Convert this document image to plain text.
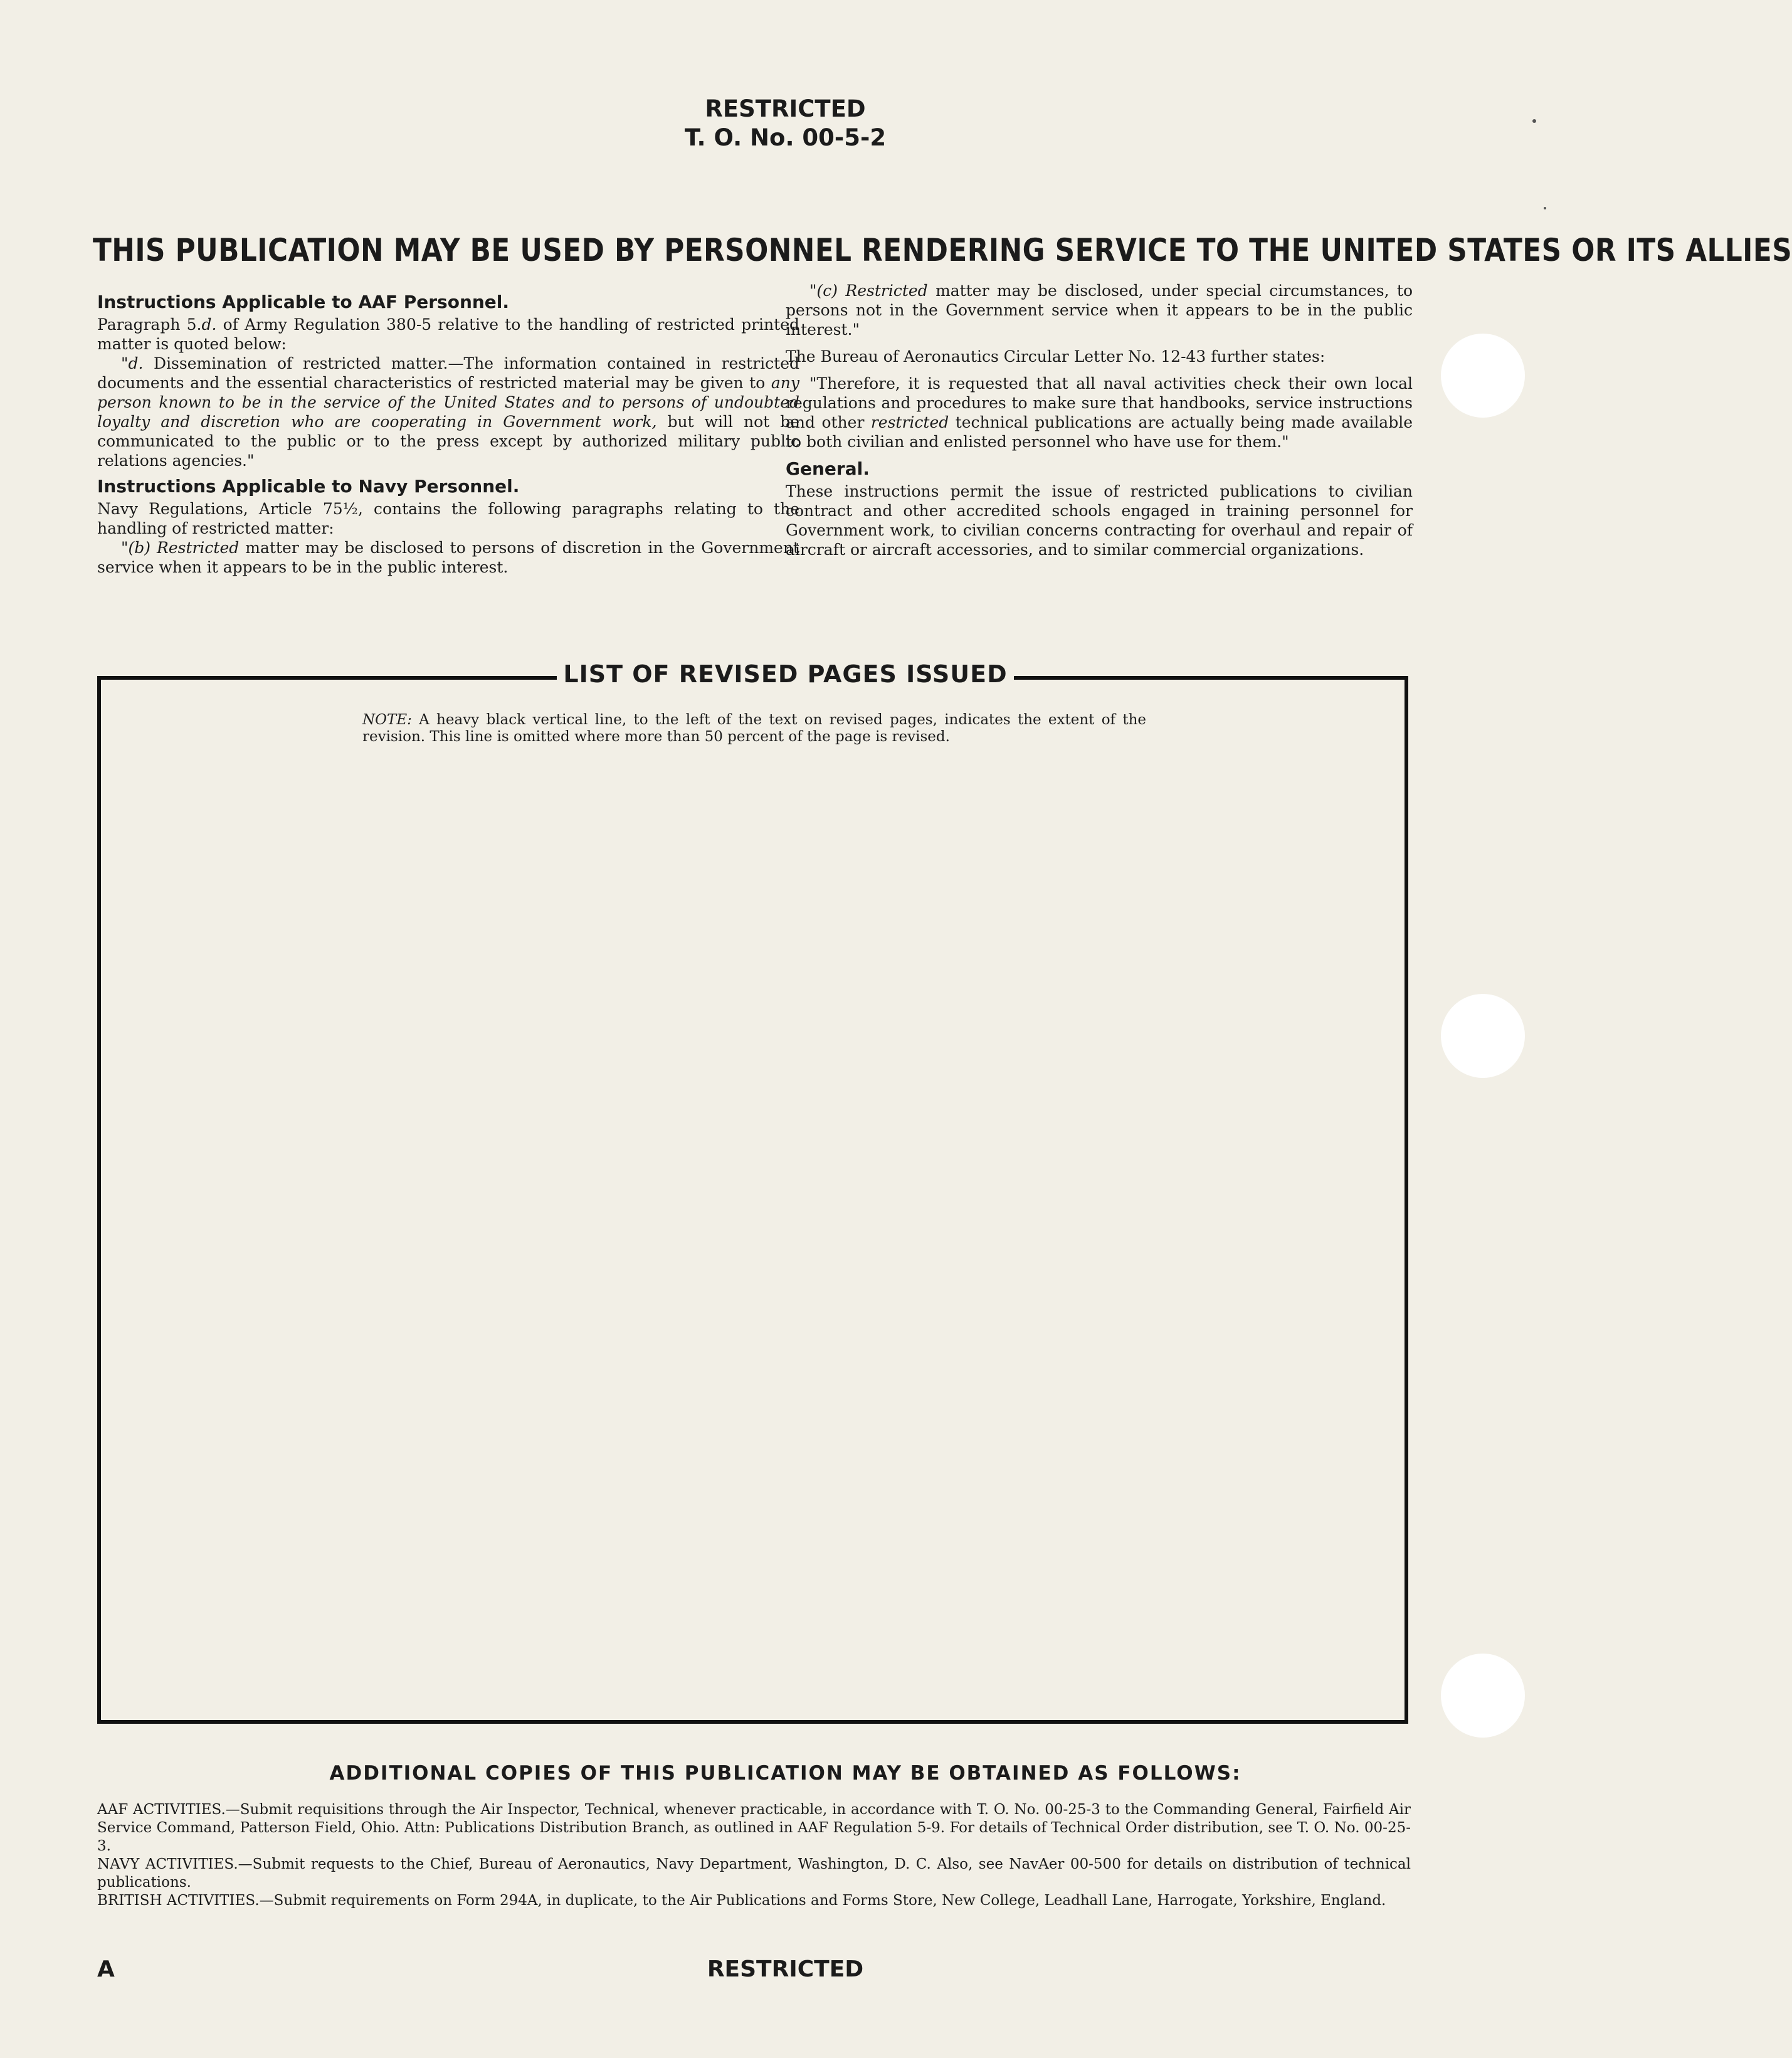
RESTRICTED
T. O. No. 00-5-2
THIS PUBLICATION MAY BE USED BY PERSONNEL RENDERING SERVICE TO THE UNITED STATES OR ITS ALLIES
Instructions Applicable to AAF Personnel.

Paragraph 5.d. of Army Regulation 380-5 relative to the handling of restricted printed matter is quoted below:

"d. Dissemination of restricted matter.—The information contained in restricted documents and the essential characteristics of restricted material may be given to any person known to be in the service of the United States and to persons of undoubted loyalty and discretion who are cooperating in Government work, but will not be communicated to the public or to the press except by authorized military public relations agencies."

Instructions Applicable to Navy Personnel.

Navy Regulations, Article 75½, contains the following paragraphs relating to the handling of restricted matter:

"(b) Restricted matter may be disclosed to persons of discretion in the Government service when it appears to be in the public interest.

"(c) Restricted matter may be disclosed, under special circumstances, to persons not in the Government service when it appears to be in the public interest."

The Bureau of Aeronautics Circular Letter No. 12-43 further states:

"Therefore, it is requested that all naval activities check their own local regulations and procedures to make sure that handbooks, service instructions and other restricted technical publications are actually being made available to both civilian and enlisted personnel who have use for them."

General.

These instructions permit the issue of restricted publications to civilian contract and other accredited schools engaged in training personnel for Government work, to civilian concerns contracting for overhaul and repair of aircraft or aircraft accessories, and to similar commercial organizations.

LIST OF REVISED PAGES ISSUED
NOTE: A heavy black vertical line, to the left of the text on revised pages, indicates the extent of the revision. This line is omitted where more than 50 percent of the page is revised.
ADDITIONAL COPIES OF THIS PUBLICATION MAY BE OBTAINED AS FOLLOWS:

AAF ACTIVITIES.—Submit requisitions through the Air Inspector, Technical, whenever practicable, in accordance with T. O. No. 00-25-3 to the Commanding General, Fairfield Air Service Command, Patterson Field, Ohio. Attn: Publications Distribution Branch, as outlined in AAF Regulation 5-9. For details of Technical Order distribution, see T. O. No. 00-25-3.

NAVY ACTIVITIES.—Submit requests to the Chief, Bureau of Aeronautics, Navy Department, Washington, D. C. Also, see NavAer 00-500 for details on distribution of technical publications.

BRITISH ACTIVITIES.—Submit requirements on Form 294A, in duplicate, to the Air Publications and Forms Store, New College, Leadhall Lane, Harrogate, Yorkshire, England.

RESTRICTED
A
